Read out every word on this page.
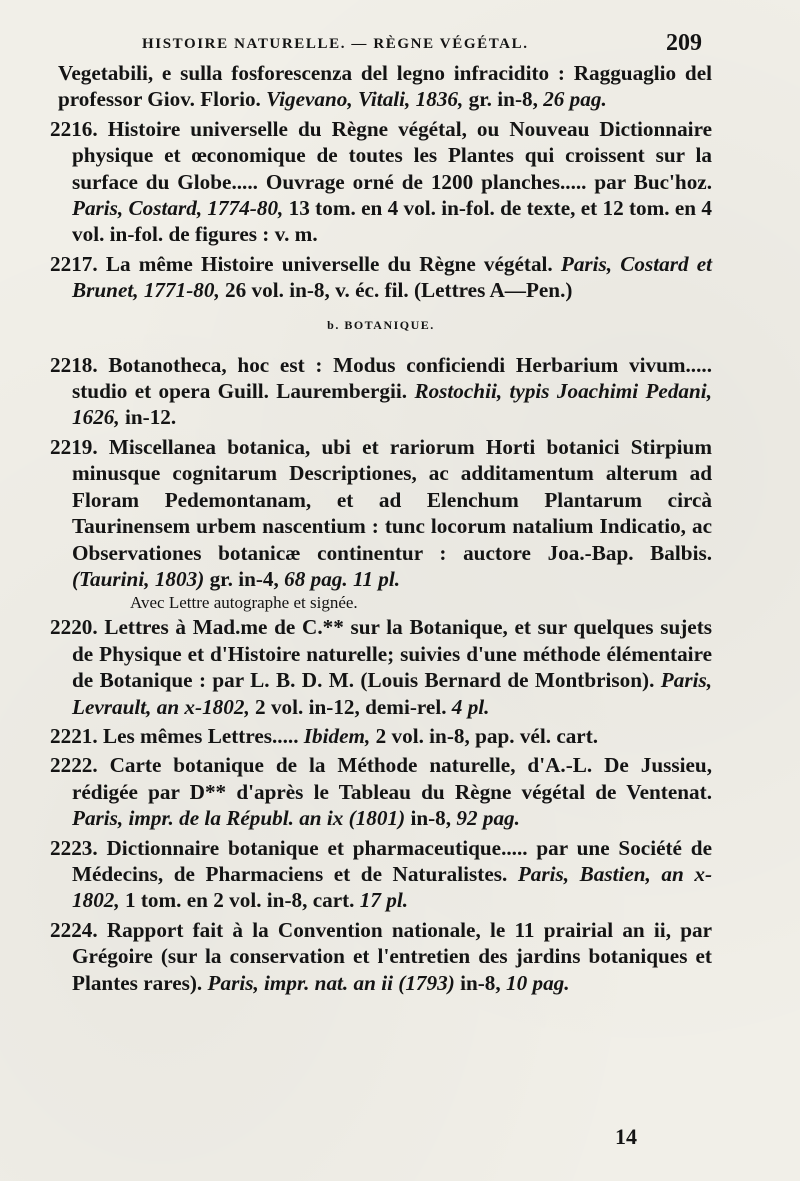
HISTOIRE NATURELLE. — RÈGNE VÉGÉTAL.	209

Vegetabili, e sulla fosforescenza del legno infracidito : Ragguaglio del professor Giov. Florio. Vigevano, Vitali, 1836, gr. in-8, 26 pag.

2216. Histoire universelle du Règne végétal, ou Nouveau Dictionnaire physique et œconomique de toutes les Plantes qui croissent sur la surface du Globe..... Ouvrage orné de 1200 planches..... par Buc'hoz. Paris, Costard, 1774-80, 13 tom. en 4 vol. in-fol. de texte, et 12 tom. en 4 vol. in-fol. de figures : v. m.

2217. La même Histoire universelle du Règne végétal. Paris, Costard et Brunet, 1771-80, 26 vol. in-8, v. éc. fil. (Lettres A—Pen.)

b. BOTANIQUE.

2218. Botanotheca, hoc est : Modus conficiendi Herbarium vivum..... studio et opera Guill. Laurembergii. Rostochii, typis Joachimi Pedani, 1626, in-12.

2219. Miscellanea botanica, ubi et rariorum Horti botanici Stirpium minusque cognitarum Descriptiones, ac additamentum alterum ad Floram Pedemontanam, et ad Elenchum Plantarum circà Taurinensem urbem nascentium : tunc locorum natalium Indicatio, ac Observationes botanicæ continentur : auctore Joa.-Bap. Balbis. (Taurini, 1803) gr. in-4, 68 pag. 11 pl.

Avec Lettre autographe et signée.

2220. Lettres à Mad.me de C.** sur la Botanique, et sur quelques sujets de Physique et d'Histoire naturelle; suivies d'une méthode élémentaire de Botanique : par L. B. D. M. (Louis Bernard de Montbrison). Paris, Levrault, an x-1802, 2 vol. in-12, demi-rel. 4 pl.

2221. Les mêmes Lettres..... Ibidem, 2 vol. in-8, pap. vél. cart.

2222. Carte botanique de la Méthode naturelle, d'A.-L. De Jussieu, rédigée par D** d'après le Tableau du Règne végétal de Ventenat. Paris, impr. de la Républ. an ix (1801) in-8, 92 pag.

2223. Dictionnaire botanique et pharmaceutique..... par une Société de Médecins, de Pharmaciens et de Naturalistes. Paris, Bastien, an x-1802, 1 tom. en 2 vol. in-8, cart. 17 pl.

2224. Rapport fait à la Convention nationale, le 11 prairial an ii, par Grégoire (sur la conservation et l'entretien des jardins botaniques et Plantes rares). Paris, impr. nat. an ii (1793) in-8, 10 pag.

14
